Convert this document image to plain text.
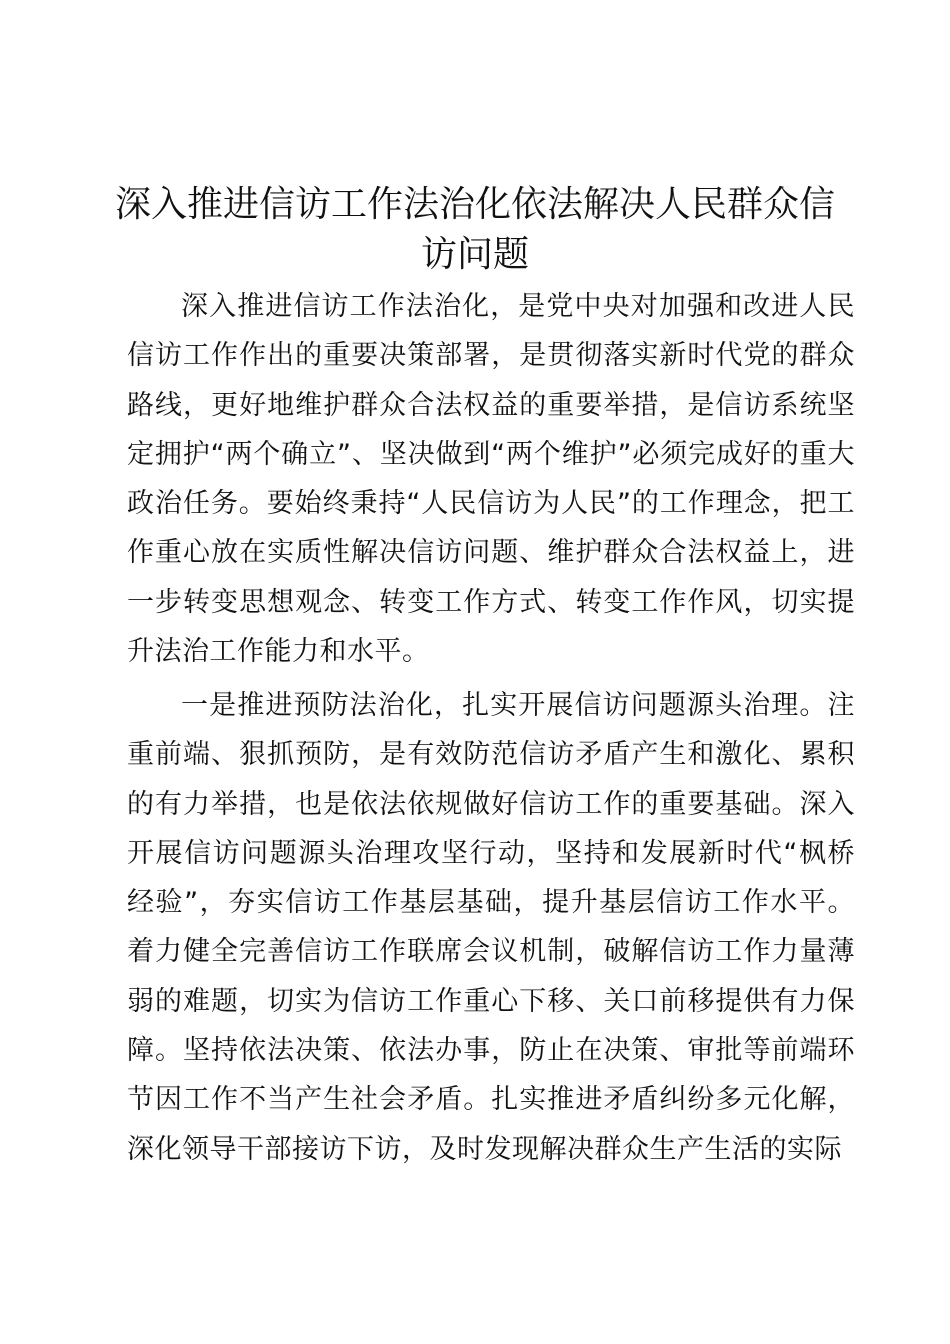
深入推进信访工作法治化依法解决人民群众信访问题

深入推进信访工作法治化，是党中央对加强和改进人民信访工作作出的重要决策部署，是贯彻落实新时代党的群众路线，更好地维护群众合法权益的重要举措，是信访系统坚定拥护“两个确立”、坚决做到“两个维护”必须完成好的重大政治任务。要始终秉持“人民信访为人民”的工作理念，把工作重心放在实质性解决信访问题、维护群众合法权益上，进一步转变思想观念、转变工作方式、转变工作作风，切实提升法治工作能力和水平。

一是推进预防法治化，扎实开展信访问题源头治理。注重前端、狠抓预防，是有效防范信访矛盾产生和激化、累积的有力举措，也是依法依规做好信访工作的重要基础。深入开展信访问题源头治理攻坚行动，坚持和发展新时代“枫桥经验”，夯实信访工作基层基础，提升基层信访工作水平。着力健全完善信访工作联席会议机制，破解信访工作力量薄弱的难题，切实为信访工作重心下移、关口前移提供有力保障。坚持依法决策、依法办事，防止在决策、审批等前端环节因工作不当产生社会矛盾。扎实推进矛盾纠纷多元化解，深化领导干部接访下访，及时发现解决群众生产生活的实际
